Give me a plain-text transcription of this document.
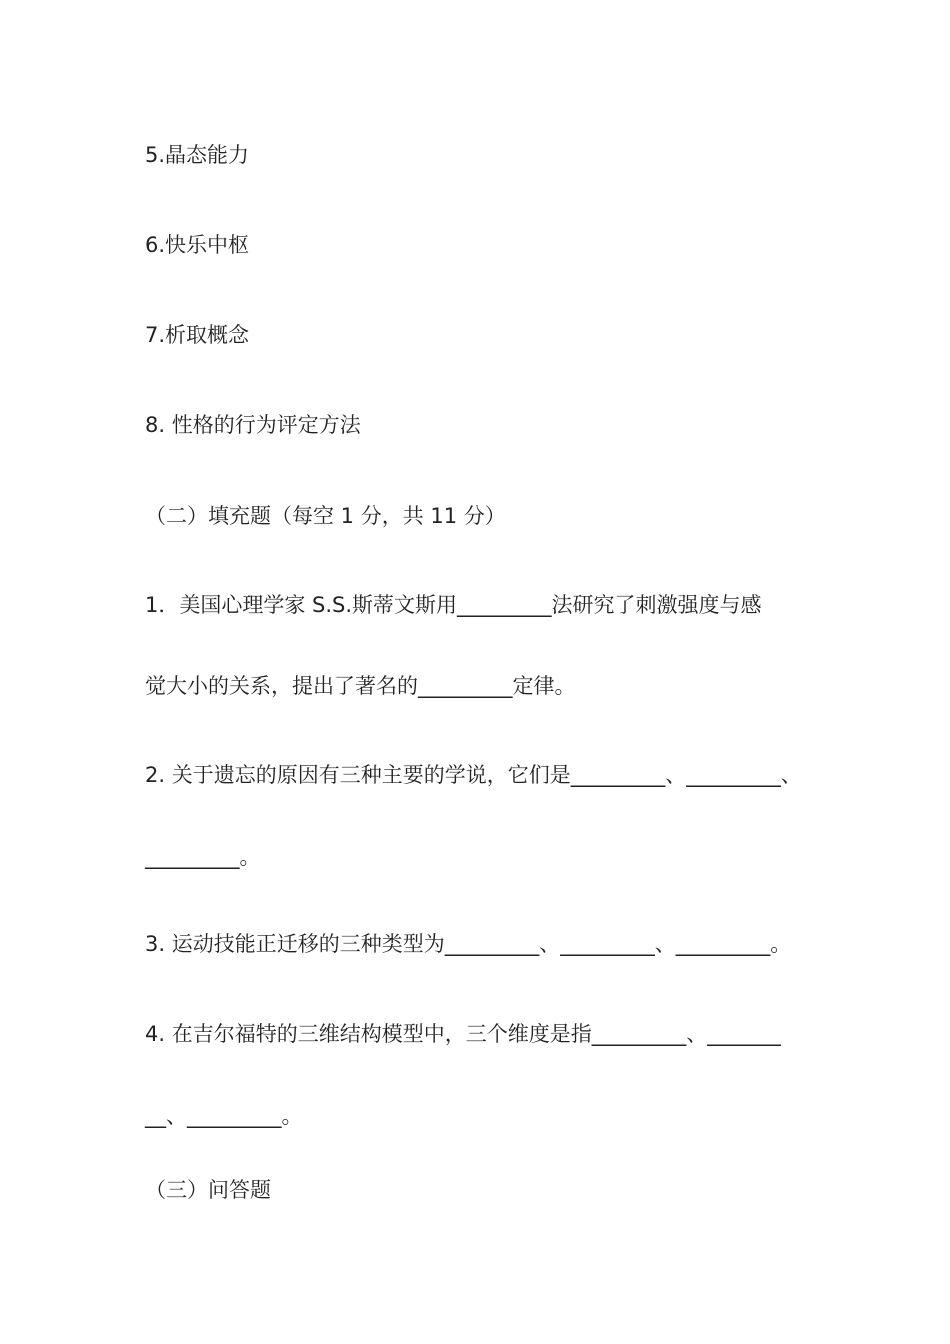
5.晶态能力

6.快乐中枢

7.析取概念

8. 性格的行为评定方法

（二）填充题（每空 1 分，共 11 分）

1．美国心理学家 S.S.斯蒂文斯用_________法研究了刺激强度与感

觉大小的关系，提出了著名的_________定律。

2. 关于遗忘的原因有三种主要的学说，它们是_________、_________、

_________。

3. 运动技能正迁移的三种类型为_________、_________、_________。

4. 在吉尔福特的三维结构模型中，三个维度是指_________、_______

__、_________。

（三）问答题
